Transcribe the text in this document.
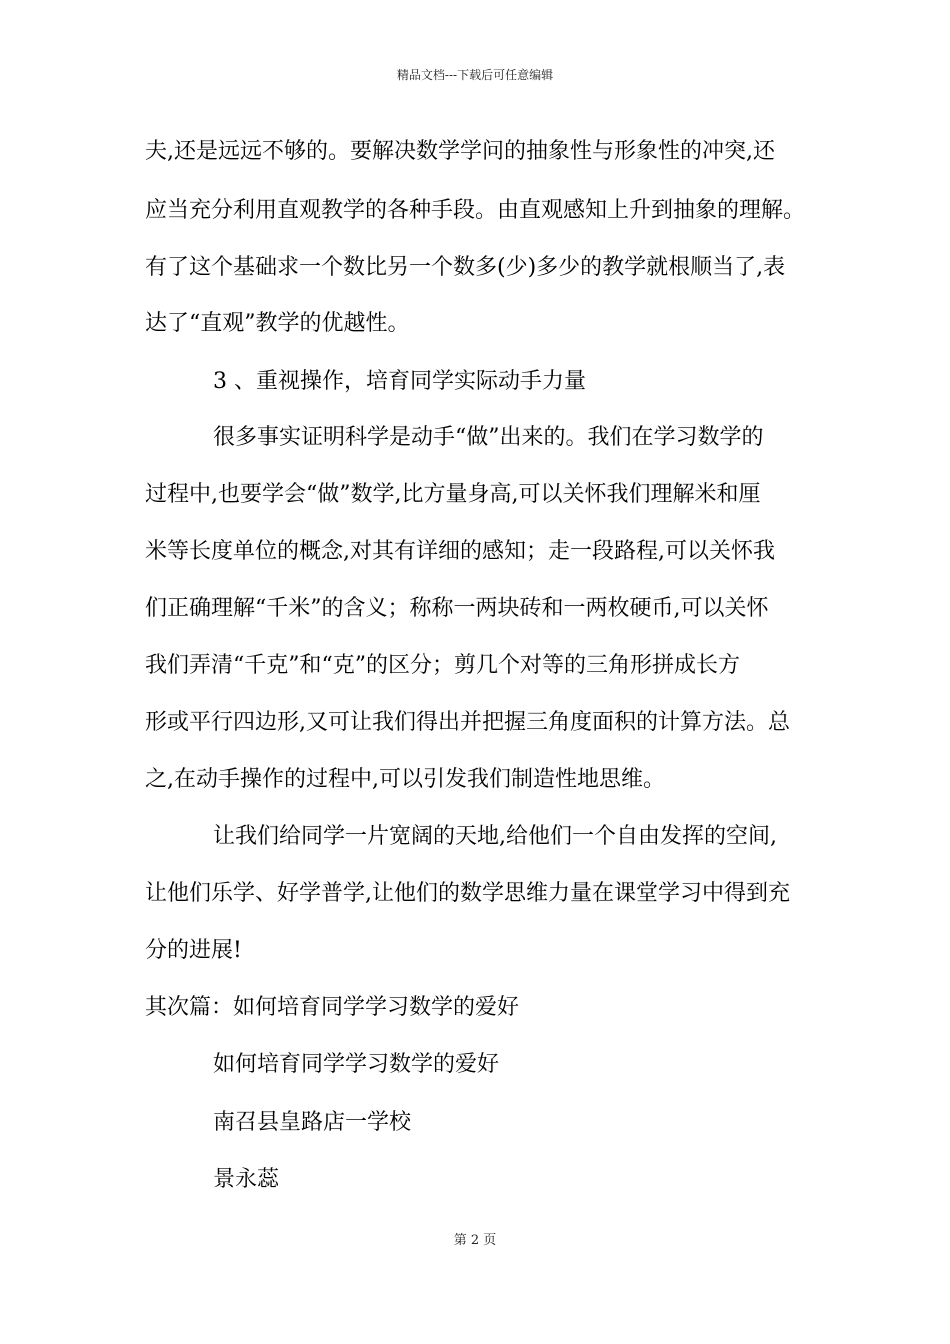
精品文档---下载后可任意编辑
夫,还是远远不够的。要解决数学学问的抽象性与形象性的冲突,还
应当充分利用直观教学的各种手段。由直观感知上升到抽象的理解。
有了这个基础求一个数比另一个数多(少)多少的教学就根顺当了,表
达了“直观”教学的优越性。
3 、重视操作，培育同学实际动手力量
很多事实证明科学是动手“做”出来的。我们在学习数学的
过程中,也要学会“做”数学,比方量身高,可以关怀我们理解米和厘
米等长度单位的概念,对其有详细的感知；走一段路程,可以关怀我
们正确理解“千米”的含义；称称一两块砖和一两枚硬币,可以关怀
我们弄清“千克”和“克”的区分；剪几个对等的三角形拼成长方
形或平行四边形,又可让我们得出并把握三角度面积的计算方法。总
之,在动手操作的过程中,可以引发我们制造性地思维。
让我们给同学一片宽阔的天地,给他们一个自由发挥的空间,
让他们乐学、好学普学,让他们的数学思维力量在课堂学习中得到充
分的进展!
其次篇：如何培育同学学习数学的爱好
如何培育同学学习数学的爱好
南召县皇路店一学校
景永蕊
第 2 页
